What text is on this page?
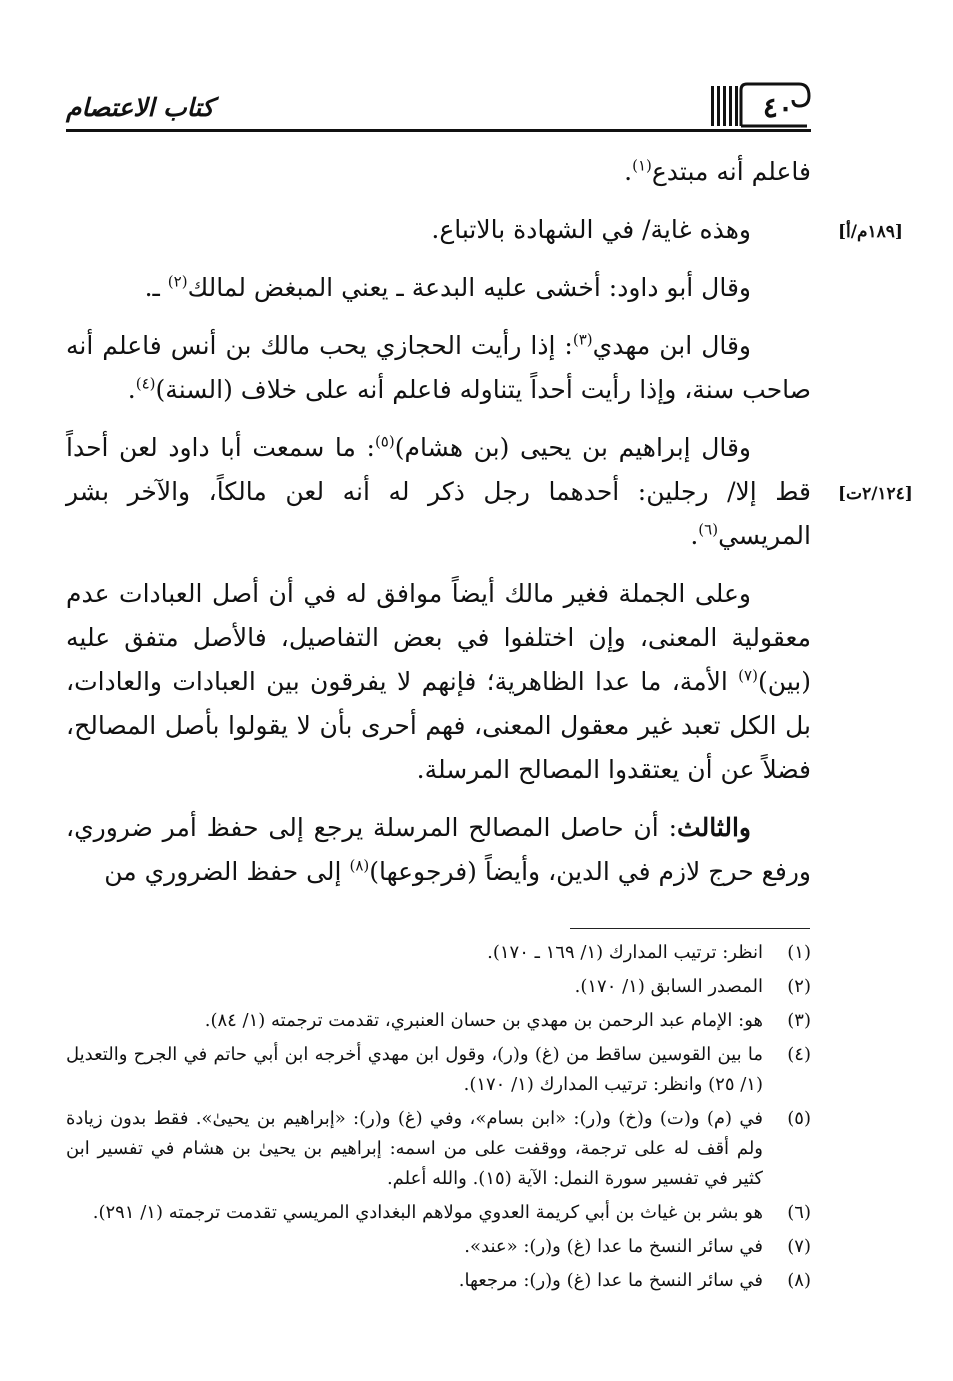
كتاب الاعتصام	٤٠
[١٨٩م/أ]
[٢/١٢٤ت]

فاعلم أنه مبتدع$^{(١)}$.

وهذه غاية/ في الشهادة بالاتباع.

وقال أبو داود: أخشى عليه البدعة ـ يعني المبغض لمالك$^{(٢)}$ ـ.

وقال ابن مهدي$^{(٣)}$: إذا رأيت الحجازي يحب مالك بن أنس فاعلم أنه صاحب سنة، وإذا رأيت أحداً يتناوله فاعلم أنه على خلاف (السنة)$^{(٤)}$.

وقال إبراهيم بن يحيى (بن هشام)$^{(٥)}$: ما سمعت أبا داود لعن أحداً قط إلا/ رجلين: أحدهما رجل ذكر له أنه لعن مالكاً، والآخر بشر المريسي$^{(٦)}$.

وعلى الجملة فغير مالك أيضاً موافق له في أن أصل العبادات عدم معقولية المعنى، وإن اختلفوا في بعض التفاصيل، فالأصل متفق عليه (بين)$^{(٧)}$ الأمة، ما عدا الظاهرية؛ فإنهم لا يفرقون بين العبادات والعادات، بل الكل تعبد غير معقول المعنى، فهم أحرى بأن لا يقولوا بأصل المصالح، فضلاً عن أن يعتقدوا المصالح المرسلة.

والثالث: أن حاصل المصالح المرسلة يرجع إلى حفظ أمر ضروري، ورفع حرج لازم في الدين، وأيضاً (فرجوعها)$^{(٨)}$ إلى حفظ الضروري من

(١)
انظر: ترتيب المدارك (١/ ١٦٩ ـ ١٧٠).
(٢)
المصدر السابق (١/ ١٧٠).
(٣)
هو: الإمام عبد الرحمن بن مهدي بن حسان العنبري، تقدمت ترجمته (١/ ٨٤).
(٤)
ما بين القوسين ساقط من (غ) و(ر)، وقول ابن مهدي أخرجه ابن أبي حاتم في الجرح والتعديل (١/ ٢٥) وانظر: ترتيب المدارك (١/ ١٧٠).
(٥)
في (م) و(ت) و(خ) و(ر): «ابن بسام»، وفي (غ) و(ر): «إبراهيم بن يحيىٰ». فقط بدون زيادة ولم أقف له على ترجمة، ووقفت على من اسمه: إبراهيم بن يحيىٰ بن هشام في تفسير ابن كثير في تفسير سورة النمل: الآية (١٥). والله أعلم.
(٦)
هو بشر بن غياث بن أبي كريمة العدوي مولاهم البغدادي المريسي تقدمت ترجمته (١/ ٢٩١).
(٧)
في سائر النسخ ما عدا (غ) و(ر): «عند».
(٨)
في سائر النسخ ما عدا (غ) و(ر): مرجعها.
